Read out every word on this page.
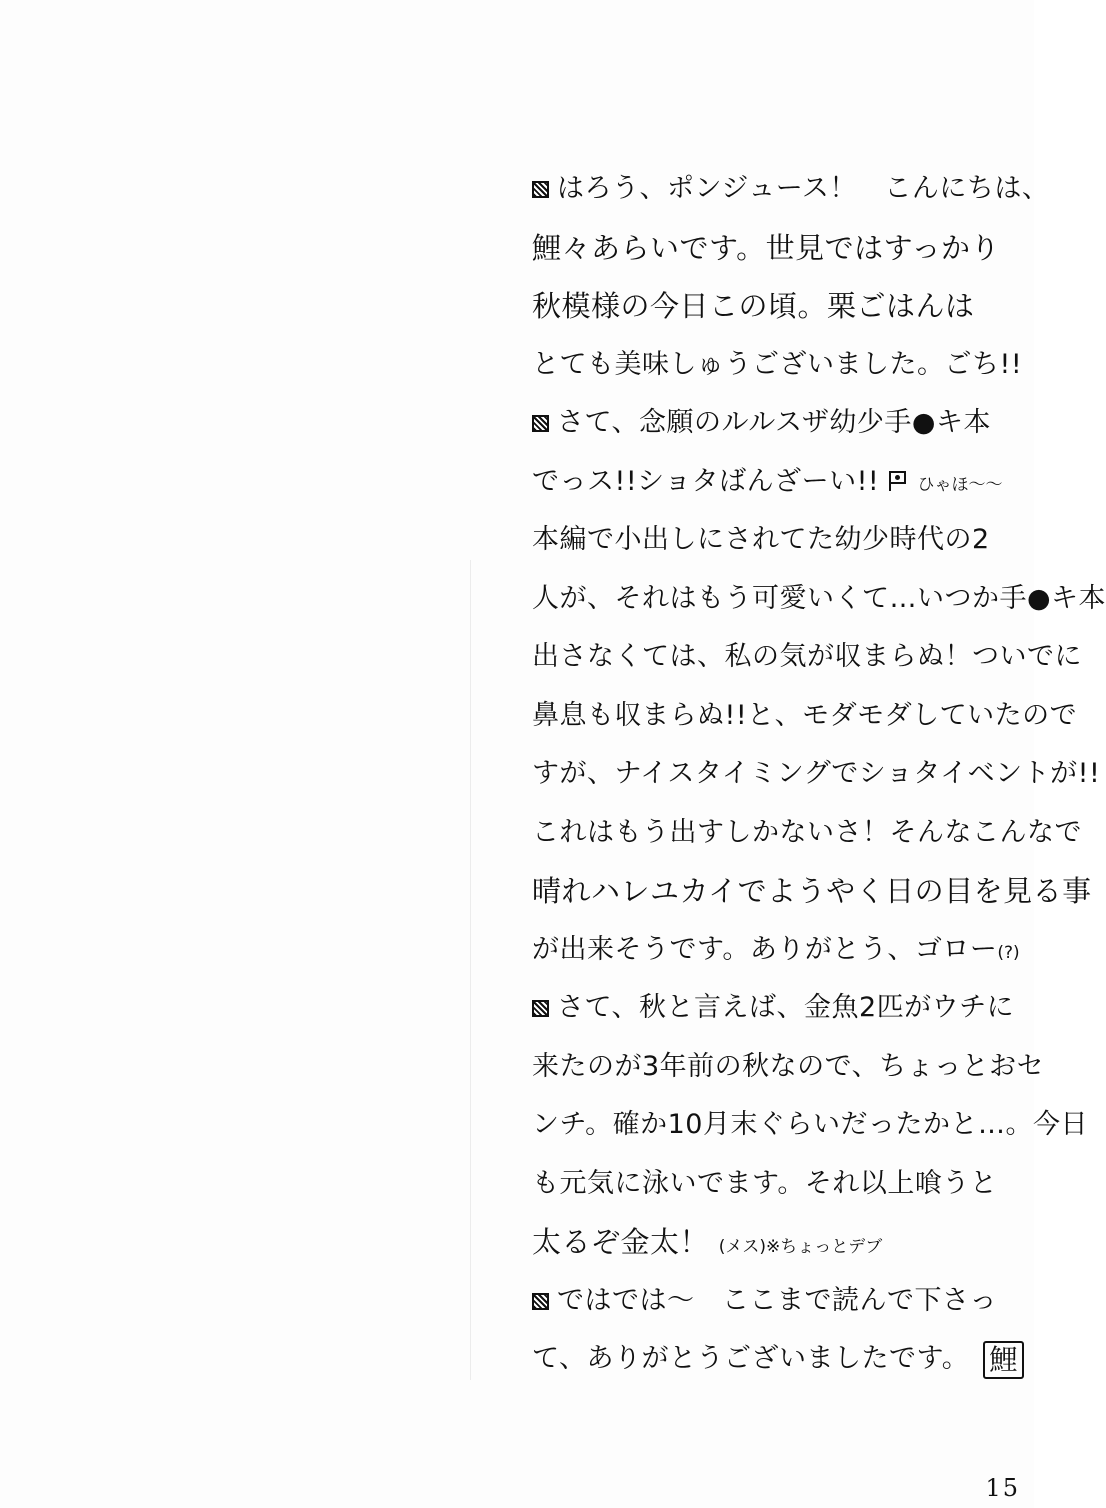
はろう、ポンジュース！　こんにちは、
鯉々あらいです。世見ではすっかり
秋模様の今日この頃。栗ごはんは
とても美味しゅうございました。ごち!!
さて、念願のルルスザ幼少手●キ本
でっス!!ショタばんざーい!! ひゃほ〜〜
本編で小出しにされてた幼少時代の2
人が、それはもう可愛いくて…いつか手●キ本
出さなくては、私の気が収まらぬ！ついでに
鼻息も収まらぬ!!と、モダモダしていたので
すが、ナイスタイミングでショタイベントが!!
これはもう出すしかないさ！そんなこんなで
晴れハレユカイでようやく日の目を見る事
が出来そうです。ありがとう、ゴロー(?)
さて、秋と言えば、金魚2匹がウチに
来たのが3年前の秋なので、ちょっとおセ
ンチ。確か10月末ぐらいだったかと…。今日
も元気に泳いでます。それ以上喰うと
太るぞ金太！ (メス)※ちょっとデブ
ではでは〜　ここまで読んで下さっ
て、ありがとうございましたです。 鯉
15
